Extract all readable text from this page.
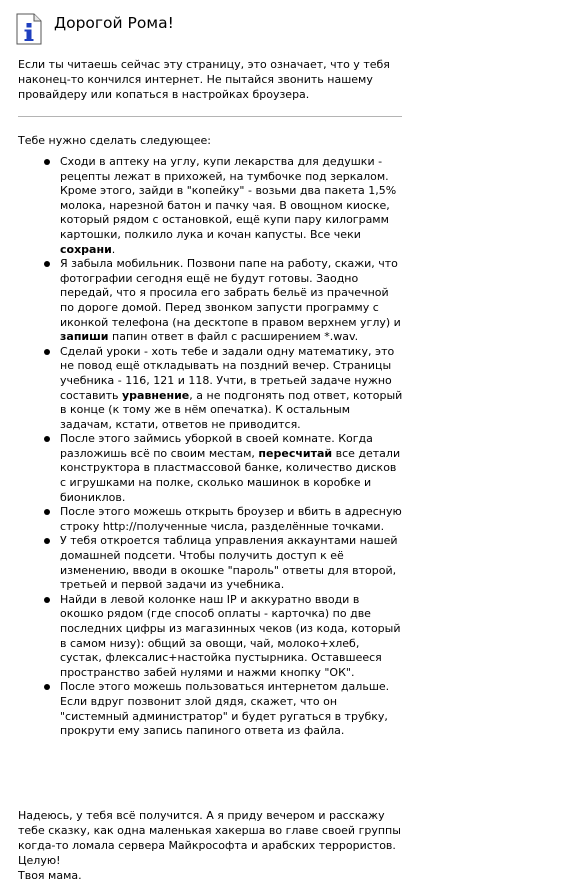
Дорогой Рома!

Если ты читаешь сейчас эту страницу, это означает, что у тебя наконец-то кончился интернет. Не пытайся звонить нашему провайдеру или копаться в настройках броузера.

Тебе нужно сделать следующее:

Сходи в аптеку на углу, купи лекарства для дедушки - рецепты лежат в прихожей, на тумбочке под зеркалом. Кроме этого, зайди в "копейку" - возьми два пакета 1,5% молока, нарезной батон и пачку чая. В овощном киоске, который рядом с остановкой, ещё купи пару килограмм картошки, полкило лука и кочан капусты. Все чеки сохрани.
Я забыла мобильник. Позвони папе на работу, скажи, что фотографии сегодня ещё не будут готовы. Заодно передай, что я просила его забрать бельё из прачечной по дороге домой. Перед звонком запусти программу с иконкой телефона (на десктопе в правом верхнем углу) и запиши папин ответ в файл с расширением *.wav.
Сделай уроки - хоть тебе и задали одну математику, это не повод ещё откладывать на поздний вечер. Страницы учебника - 116, 121 и 118. Учти, в третьей задаче нужно составить уравнение, а не подгонять под ответ, который в конце (к тому же в нём опечатка). К остальным задачам, кстати, ответов не приводится.
После этого займись уборкой в своей комнате. Когда разложишь всё по своим местам, пересчитай все детали конструктора в пластмассовой банке, количество дисков с игрушками на полке, сколько машинок в коробке и биониклов.
После этого можешь открыть броузер и вбить в адресную строку http://полученные числа, разделённые точками.
У тебя откроется таблица управления аккаунтами нашей домашней подсети. Чтобы получить доступ к её изменению, вводи в окошке "пароль" ответы для второй, третьей и первой задачи из учебника.
Найди в левой колонке наш IP и аккуратно вводи в окошко рядом (где способ оплаты - карточка) по две последних цифры из магазинных чеков (из кода, который в самом низу): общий за овощи, чай, молоко+хлеб, сустак, флексалис+настойка пустырника. Оставшееся пространство забей нулями и нажми кнопку "ОК".
После этого можешь пользоваться интернетом дальше. Если вдруг позвонит злой дядя, скажет, что он "системный администратор" и будет ругаться в трубку, прокрути ему запись папиного ответа из файла.

Надеюсь, у тебя всё получится. А я приду вечером и расскажу тебе сказку, как одна маленькая хакерша во главе своей группы когда-то ломала сервера Майкрософта и арабских террористов.
Целую!
Твоя мама.
